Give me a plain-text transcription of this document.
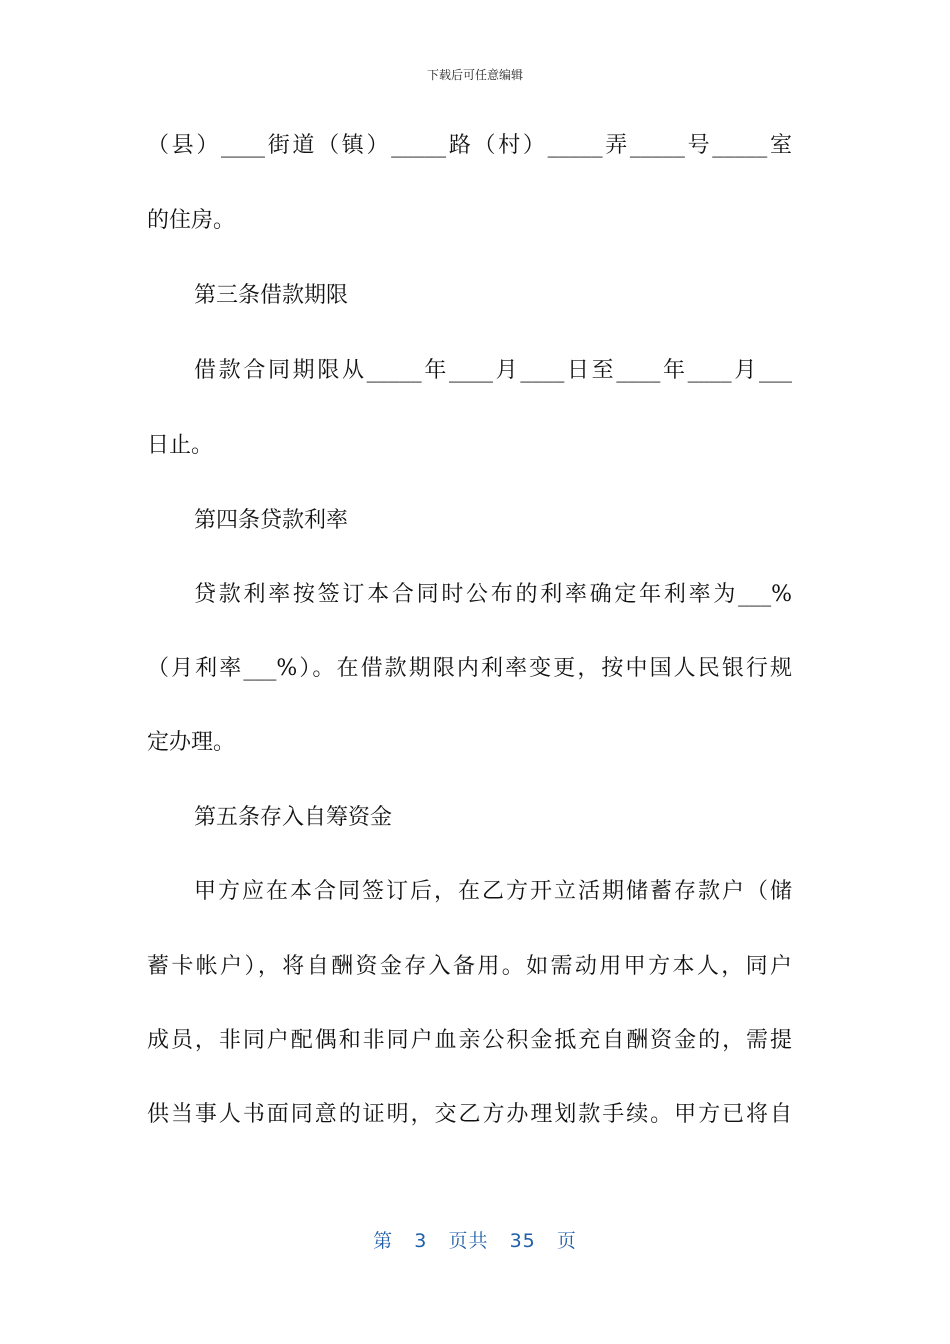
下载后可任意编辑
（县）____街道（镇）_____路（村）_____弄_____号_____室
的住房。
第三条借款期限
借款合同期限从_____年____月____日至____年____月___
日止。
第四条贷款利率
贷款利率按签订本合同时公布的利率确定年利率为___%
（月利率___%）。在借款期限内利率变更，按中国人民银行规
定办理。
第五条存入自筹资金
甲方应在本合同签订后，在乙方开立活期储蓄存款户（储
蓄卡帐户），将自酬资金存入备用。如需动用甲方本人，同户
成员，非同户配偶和非同户血亲公积金抵充自酬资金的，需提
供当事人书面同意的证明，交乙方办理划款手续。甲方已将自
第 3 页共 35 页
